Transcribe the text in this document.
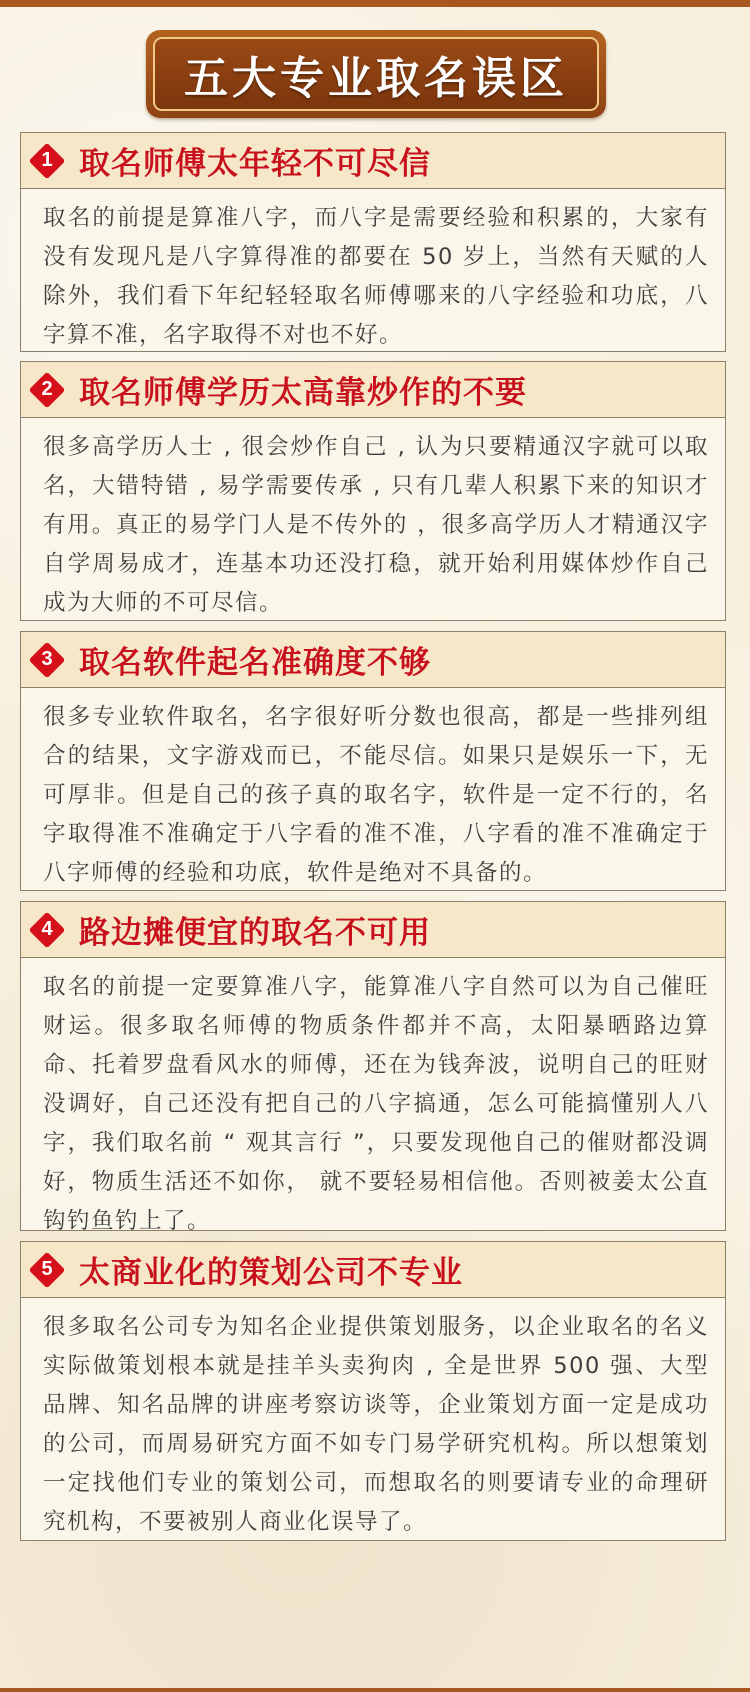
五大专业取名误区
1 取名师傅太年轻不可尽信
取名的前提是算准八字，而八字是需要经验和积累的，大家有没有发现凡是八字算得准的都要在 50 岁上，当然有天赋的人除外，我们看下年纪轻轻取名师傅哪来的八字经验和功底，八字算不准，名字取得不对也不好。
2 取名师傅学历太高靠炒作的不要
很多高学历人士 , 很会炒作自己 , 认为只要精通汉字就可以取名，大错特错 , 易学需要传承 , 只有几辈人积累下来的知识才有用。真正的易学门人是不传外的 ，很多高学历人才精通汉字自学周易成才，连基本功还没打稳，就开始利用媒体炒作自己成为大师的不可尽信。
3 取名软件起名准确度不够
很多专业软件取名，名字很好听分数也很高，都是一些排列组合的结果，文字游戏而已，不能尽信。如果只是娱乐一下，无可厚非。但是自己的孩子真的取名字，软件是一定不行的，名字取得准不准确定于八字看的准不准，八字看的准不准确定于八字师傅的经验和功底，软件是绝对不具备的。
4 路边摊便宜的取名不可用
取名的前提一定要算准八字，能算准八字自然可以为自己催旺财运。很多取名师傅的物质条件都并不高，太阳暴晒路边算命、托着罗盘看风水的师傅，还在为钱奔波，说明自己的旺财没调好，自己还没有把自己的八字搞通，怎么可能搞懂别人八字，我们取名前 “ 观其言行 ”，只要发现他自己的催财都没调好，物质生活还不如你， 就不要轻易相信他。否则被姜太公直钩钓鱼钓上了。
5 太商业化的策划公司不专业
很多取名公司专为知名企业提供策划服务，以企业取名的名义实际做策划根本就是挂羊头卖狗肉 , 全是世界 500 强、大型品牌、知名品牌的讲座考察访谈等，企业策划方面一定是成功的公司，而周易研究方面不如专门易学研究机构。所以想策划一定找他们专业的策划公司，而想取名的则要请专业的命理研究机构，不要被别人商业化误导了。
